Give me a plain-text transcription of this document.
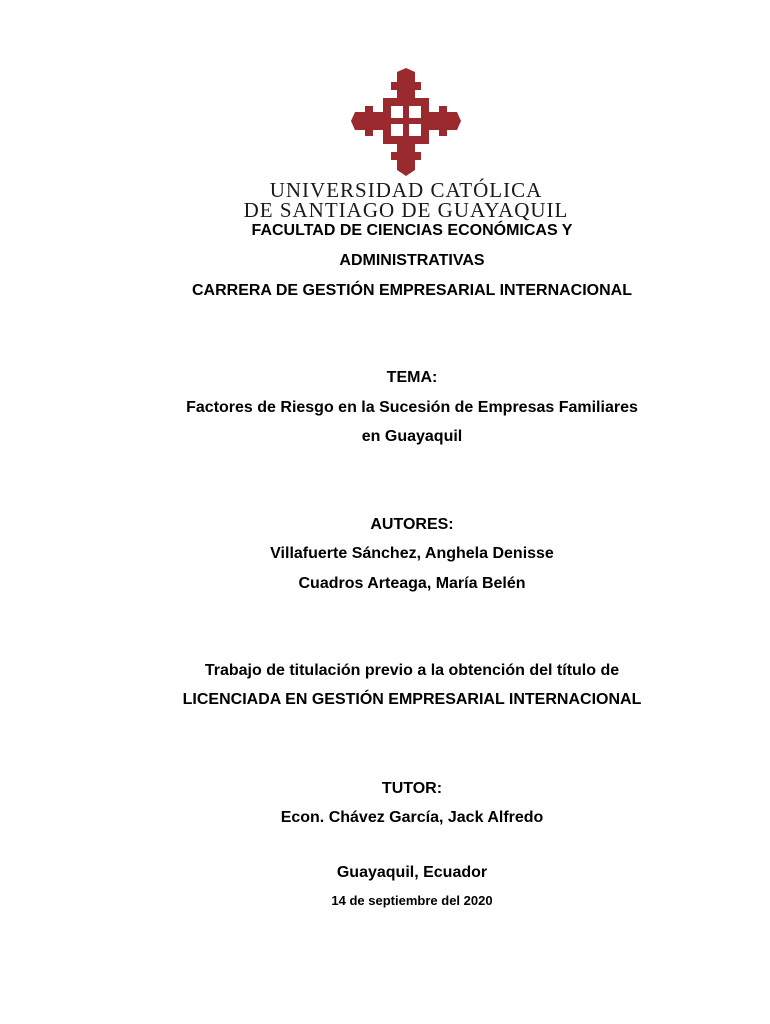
UNIVERSIDAD CATÓLICA
DE SANTIAGO DE GUAYAQUIL
FACULTAD DE CIENCIAS ECONÓMICAS Y
ADMINISTRATIVAS
CARRERA DE GESTIÓN EMPRESARIAL INTERNACIONAL
TEMA:
Factores de Riesgo en la Sucesión de Empresas Familiares
en Guayaquil
AUTORES:
Villafuerte Sánchez, Anghela Denisse
Cuadros Arteaga, María Belén
Trabajo de titulación previo a la obtención del título de
LICENCIADA EN GESTIÓN EMPRESARIAL INTERNACIONAL
TUTOR:
Econ. Chávez García, Jack Alfredo
Guayaquil, Ecuador
14 de septiembre del 2020
